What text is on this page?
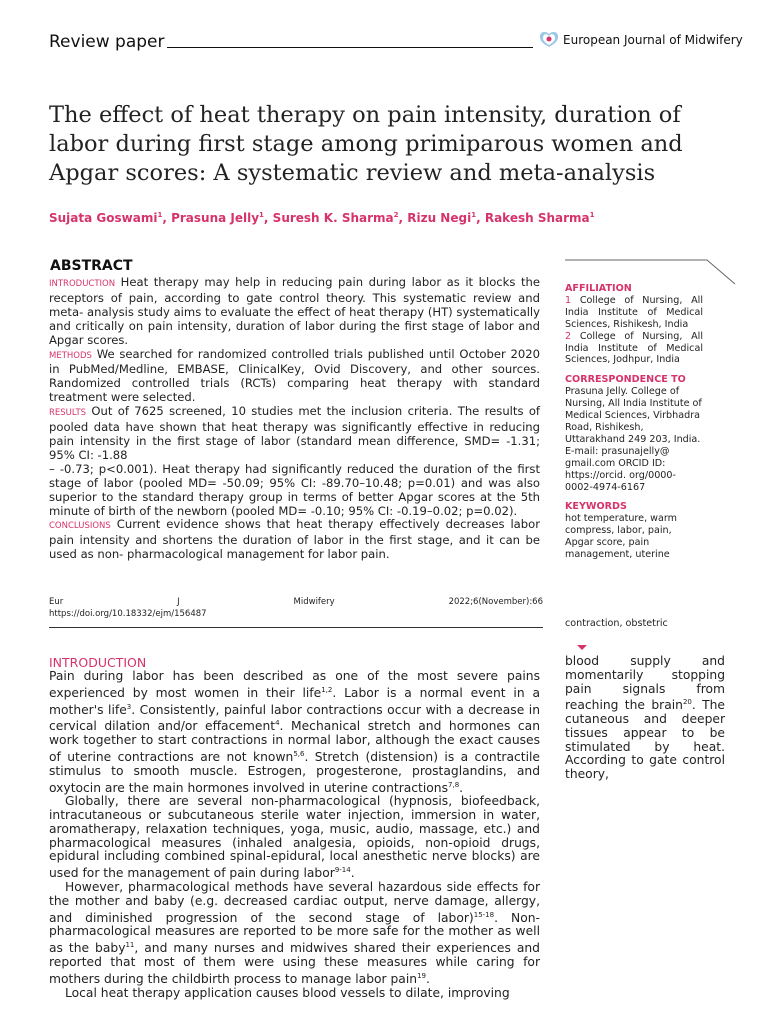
Review paper	European Journal of Midwifery
The effect of heat therapy on pain intensity, duration of labor during first stage among primiparous women and Apgar scores: A systematic review and meta-analysis
Sujata Goswami$^1$, Prasuna Jelly$^1$, Suresh K. Sharma$^2$, Rizu Negi$^1$, Rakesh Sharma$^1$
ABSTRACT

INTRODUCTION Heat therapy may help in reducing pain during labor as it blocks the receptors of pain, according to gate control theory. This systematic review and meta- analysis study aims to evaluate the effect of heat therapy (HT) systematically and critically on pain intensity, duration of labor during the first stage of labor and Apgar scores.

METHODS We searched for randomized controlled trials published until October 2020 in PubMed/Medline, EMBASE, ClinicalKey, Ovid Discovery, and other sources. Randomized controlled trials (RCTs) comparing heat therapy with standard treatment were selected.

RESULTS Out of 7625 screened, 10 studies met the inclusion criteria. The results of pooled data have shown that heat therapy was significantly effective in reducing pain intensity in the first stage of labor (standard mean difference, SMD= -1.31; 95% CI: -1.88

– -0.73; p<0.001). Heat therapy had significantly reduced the duration of the first stage of labor (pooled MD= -50.09; 95% CI: -89.70–10.48; p=0.01) and was also superior to the standard therapy group in terms of better Apgar scores at the 5th minute of birth of the newborn (pooled MD= -0.10; 95% CI: -0.19–0.02; p=0.02).

CONCLUSIONS Current evidence shows that heat therapy effectively decreases labor pain intensity and shortens the duration of labor in the first stage, and it can be used as non- pharmacological management for labor pain.

Eur	J	Midwifery	2022;6(November):66
https://doi.org/10.18332/ejm/156487
AFFILIATION

1 College of Nursing, All India Institute of Medical Sciences, Rishikesh, India

2 College of Nursing, All India Institute of Medical Sciences, Jodhpur, India

CORRESPONDENCE TO

Prasuna Jelly. College of Nursing, All India Institute of Medical Sciences, Virbhadra Road, Rishikesh, Uttarakhand 249 203, India. E-mail: prasunajelly@ gmail.com ORCID ID: https://orcid. org/0000-0002-4974-6167

KEYWORDS

hot temperature, warm compress, labor, pain, Apgar score, pain management, uterine

contraction, obstetric
INTRODUCTION

Pain during labor has been described as one of the most severe pains experienced by most women in their life$^{1,2}$. Labor is a normal event in a mother's life$^3$. Consistently, painful labor contractions occur with a decrease in cervical dilation and/or effacement$^4$. Mechanical stretch and hormones can work together to start contractions in normal labor, although the exact causes of uterine contractions are not known$^{5,6}$. Stretch (distension) is a contractile stimulus to smooth muscle. Estrogen, progesterone, prostaglandins, and oxytocin are the main hormones involved in uterine contractions$^{7,8}$.

Globally, there are several non-pharmacological (hypnosis, biofeedback, intracutaneous or subcutaneous sterile water injection, immersion in water, aromatherapy, relaxation techniques, yoga, music, audio, massage, etc.) and pharmacological measures (inhaled analgesia, opioids, non-opioid drugs, epidural including combined spinal-epidural, local anesthetic nerve blocks) are used for the management of pain during labor$^{9-14}$.

However, pharmacological methods have several hazardous side effects for the mother and baby (e.g. decreased cardiac output, nerve damage, allergy, and diminished progression of the second stage of labor)$^{15-18}$. Non-pharmacological measures are reported to be more safe for the mother as well as the baby$^{11}$, and many nurses and midwives shared their experiences and reported that most of them were using these measures while caring for mothers during the childbirth process to manage labor pain$^{19}$.

Local heat therapy application causes blood vessels to dilate, improving

blood supply and momentarily stopping pain signals from reaching the brain$^{20}$. The cutaneous and deeper tissues appear to be stimulated by heat. According to gate control theory,
